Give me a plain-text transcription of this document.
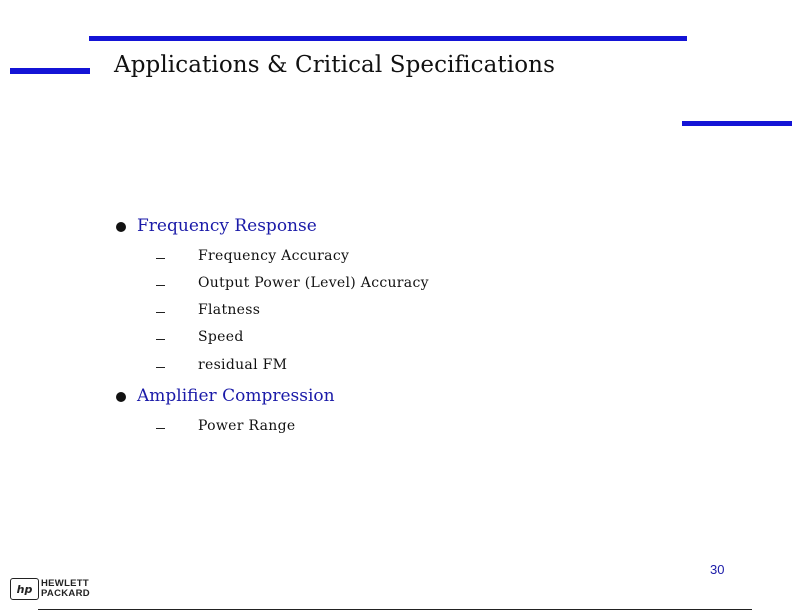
Applications & Critical Specifications
Frequency Response
Frequency Accuracy
Output Power (Level) Accuracy
Flatness
Speed
residual FM
Amplifier Compression
Power Range
30
hp HEWLETT
PACKARD
